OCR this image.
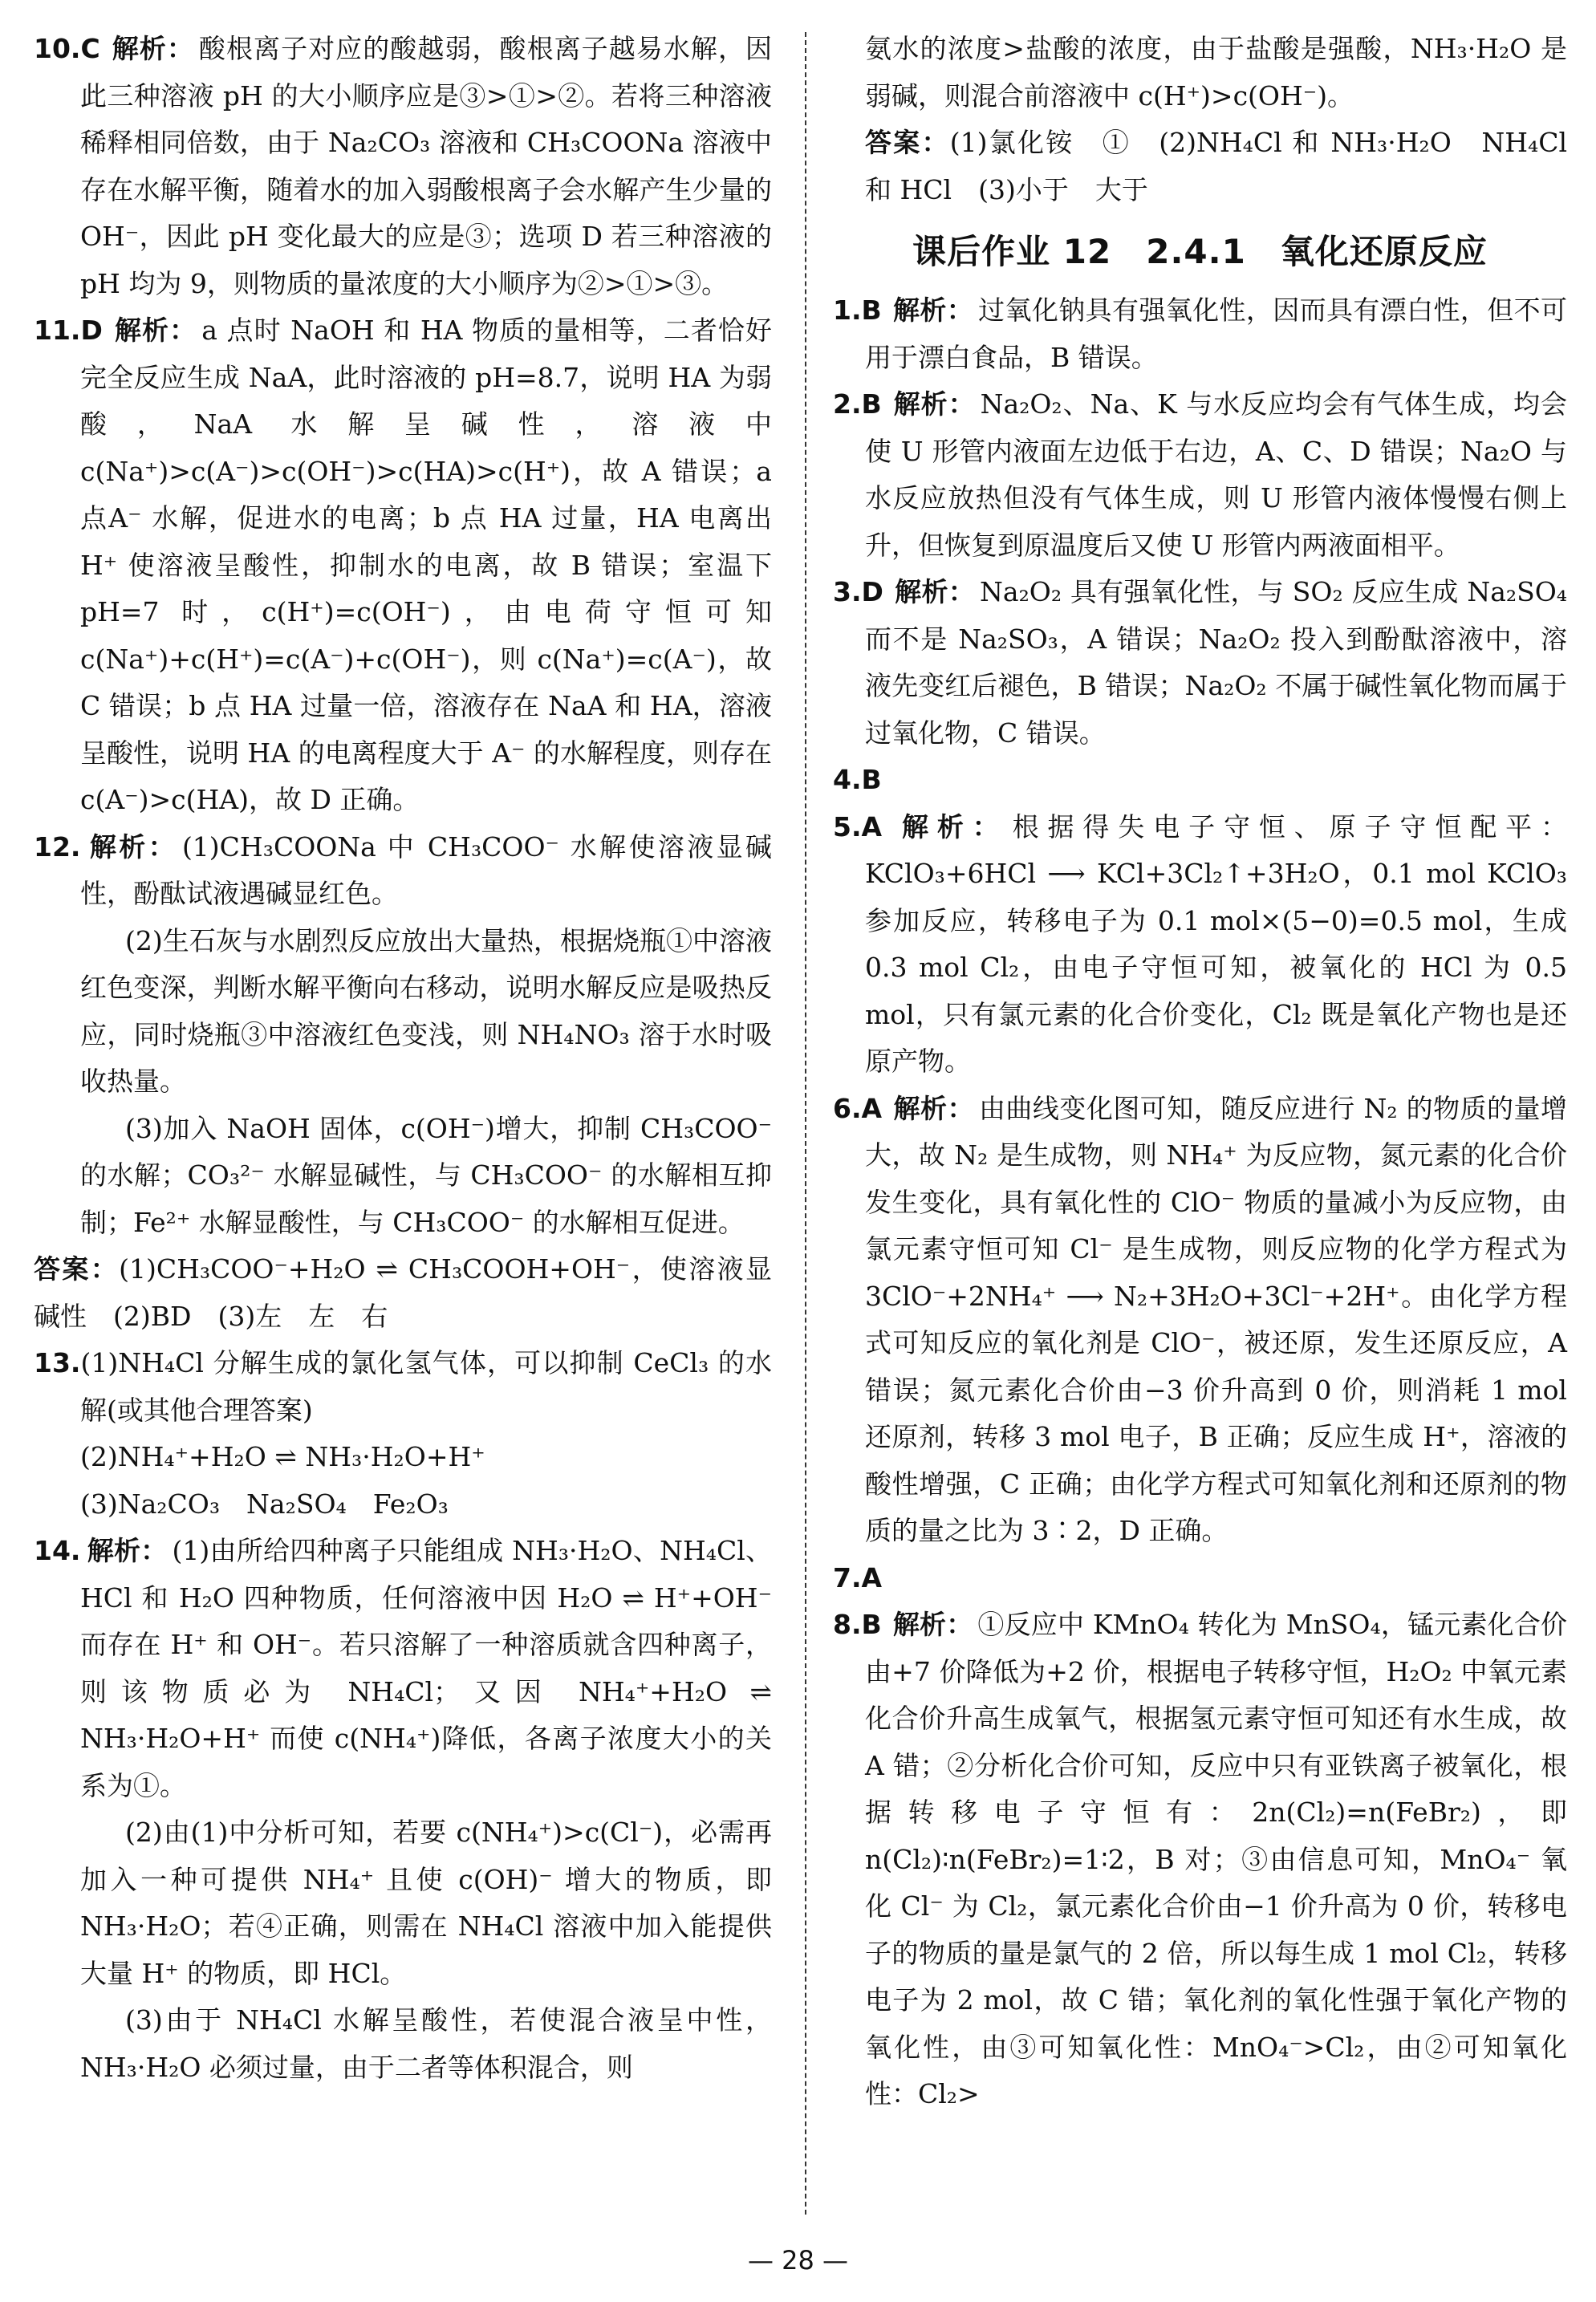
10.C 解析： 酸根离子对应的酸越弱，酸根离子越易水解，因此三种溶液 pH 的大小顺序应是③>①>②。若将三种溶液稀释相同倍数，由于 Na₂CO₃ 溶液和 CH₃COONa 溶液中存在水解平衡，随着水的加入弱酸根离子会水解产生少量的 OH⁻，因此 pH 变化最大的应是③；选项 D 若三种溶液的 pH 均为 9，则物质的量浓度的大小顺序为②>①>③。

11.D 解析： a 点时 NaOH 和 HA 物质的量相等，二者恰好完全反应生成 NaA，此时溶液的 pH=8.7，说明 HA 为弱酸，NaA 水解呈碱性，溶液中 c(Na⁺)>c(A⁻)>c(OH⁻)>c(HA)>c(H⁺)，故 A 错误；a 点A⁻ 水解，促进水的电离；b 点 HA 过量，HA 电离出 H⁺ 使溶液呈酸性，抑制水的电离，故 B 错误；室温下 pH=7 时，c(H⁺)=c(OH⁻)，由电荷守恒可知 c(Na⁺)+c(H⁺)=c(A⁻)+c(OH⁻)，则 c(Na⁺)=c(A⁻)，故 C 错误；b 点 HA 过量一倍，溶液存在 NaA 和 HA，溶液呈酸性，说明 HA 的电离程度大于 A⁻ 的水解程度，则存在 c(A⁻)>c(HA)，故 D 正确。

12. 解析： (1)CH₃COONa 中 CH₃COO⁻ 水解使溶液显碱性，酚酞试液遇碱显红色。

(2)生石灰与水剧烈反应放出大量热，根据烧瓶①中溶液红色变深，判断水解平衡向右移动，说明水解反应是吸热反应，同时烧瓶③中溶液红色变浅，则 NH₄NO₃ 溶于水时吸收热量。

(3)加入 NaOH 固体，c(OH⁻)增大，抑制 CH₃COO⁻ 的水解；CO₃²⁻ 水解显碱性，与 CH₃COO⁻ 的水解相互抑制；Fe²⁺ 水解显酸性，与 CH₃COO⁻ 的水解相互促进。

答案：(1)CH₃COO⁻+H₂O ⇌ CH₃COOH+OH⁻，使溶液显碱性　(2)BD　(3)左　左　右

13.(1)NH₄Cl 分解生成的氯化氢气体，可以抑制 CeCl₃ 的水解(或其他合理答案)

(2)NH₄⁺+H₂O ⇌ NH₃·H₂O+H⁺

(3)Na₂CO₃　Na₂SO₄　Fe₂O₃

14. 解析： (1)由所给四种离子只能组成 NH₃·H₂O、NH₄Cl、HCl 和 H₂O 四种物质，任何溶液中因 H₂O ⇌ H⁺+OH⁻ 而存在 H⁺ 和 OH⁻。若只溶解了一种溶质就含四种离子，则该物质必为 NH₄Cl；又因 NH₄⁺+H₂O ⇌ NH₃·H₂O+H⁺ 而使 c(NH₄⁺)降低，各离子浓度大小的关系为①。

(2)由(1)中分析可知，若要 c(NH₄⁺)>c(Cl⁻)，必需再加入一种可提供 NH₄⁺ 且使 c(OH)⁻ 增大的物质，即 NH₃·H₂O；若④正确，则需在 NH₄Cl 溶液中加入能提供大量 H⁺ 的物质，即 HCl。

(3)由于 NH₄Cl 水解呈酸性，若使混合液呈中性，NH₃·H₂O 必须过量，由于二者等体积混合，则

氨水的浓度>盐酸的浓度，由于盐酸是强酸，NH₃·H₂O 是弱碱，则混合前溶液中 c(H⁺)>c(OH⁻)。

答案：(1)氯化铵　①　(2)NH₄Cl 和 NH₃·H₂O　NH₄Cl 和 HCl　(3)小于　大于

课后作业 12　2.4.1　氧化还原反应

1.B 解析： 过氧化钠具有强氧化性，因而具有漂白性，但不可用于漂白食品，B 错误。

2.B 解析： Na₂O₂、Na、K 与水反应均会有气体生成，均会使 U 形管内液面左边低于右边，A、C、D 错误；Na₂O 与水反应放热但没有气体生成，则 U 形管内液体慢慢右侧上升，但恢复到原温度后又使 U 形管内两液面相平。

3.D 解析： Na₂O₂ 具有强氧化性，与 SO₂ 反应生成 Na₂SO₄ 而不是 Na₂SO₃，A 错误；Na₂O₂ 投入到酚酞溶液中，溶液先变红后褪色，B 错误；Na₂O₂ 不属于碱性氧化物而属于过氧化物，C 错误。

4.B

5.A 解析： 根据得失电子守恒、原子守恒配平：KClO₃+6HCl ⟶ KCl+3Cl₂↑+3H₂O，0.1 mol KClO₃ 参加反应，转移电子为 0.1 mol×(5−0)=0.5 mol，生成 0.3 mol Cl₂，由电子守恒可知，被氧化的 HCl 为 0.5 mol，只有氯元素的化合价变化，Cl₂ 既是氧化产物也是还原产物。

6.A 解析： 由曲线变化图可知，随反应进行 N₂ 的物质的量增大，故 N₂ 是生成物，则 NH₄⁺ 为反应物，氮元素的化合价发生变化，具有氧化性的 ClO⁻ 物质的量减小为反应物，由氯元素守恒可知 Cl⁻ 是生成物，则反应物的化学方程式为 3ClO⁻+2NH₄⁺ ⟶ N₂+3H₂O+3Cl⁻+2H⁺。由化学方程式可知反应的氧化剂是 ClO⁻，被还原，发生还原反应，A 错误；氮元素化合价由−3 价升高到 0 价，则消耗 1 mol 还原剂，转移 3 mol 电子，B 正确；反应生成 H⁺，溶液的酸性增强，C 正确；由化学方程式可知氧化剂和还原剂的物质的量之比为 3∶2，D 正确。

7.A

8.B 解析： ①反应中 KMnO₄ 转化为 MnSO₄，锰元素化合价由+7 价降低为+2 价，根据电子转移守恒，H₂O₂ 中氧元素化合价升高生成氧气，根据氢元素守恒可知还有水生成，故 A 错；②分析化合价可知，反应中只有亚铁离子被氧化，根据转移电子守恒有：2n(Cl₂)=n(FeBr₂)，即 n(Cl₂)∶n(FeBr₂)=1∶2，B 对；③由信息可知，MnO₄⁻ 氧化 Cl⁻ 为 Cl₂，氯元素化合价由−1 价升高为 0 价，转移电子的物质的量是氯气的 2 倍，所以每生成 1 mol Cl₂，转移电子为 2 mol，故 C 错；氧化剂的氧化性强于氧化产物的氧化性，由③可知氧化性：MnO₄⁻>Cl₂，由②可知氧化性：Cl₂>

— 28 —
